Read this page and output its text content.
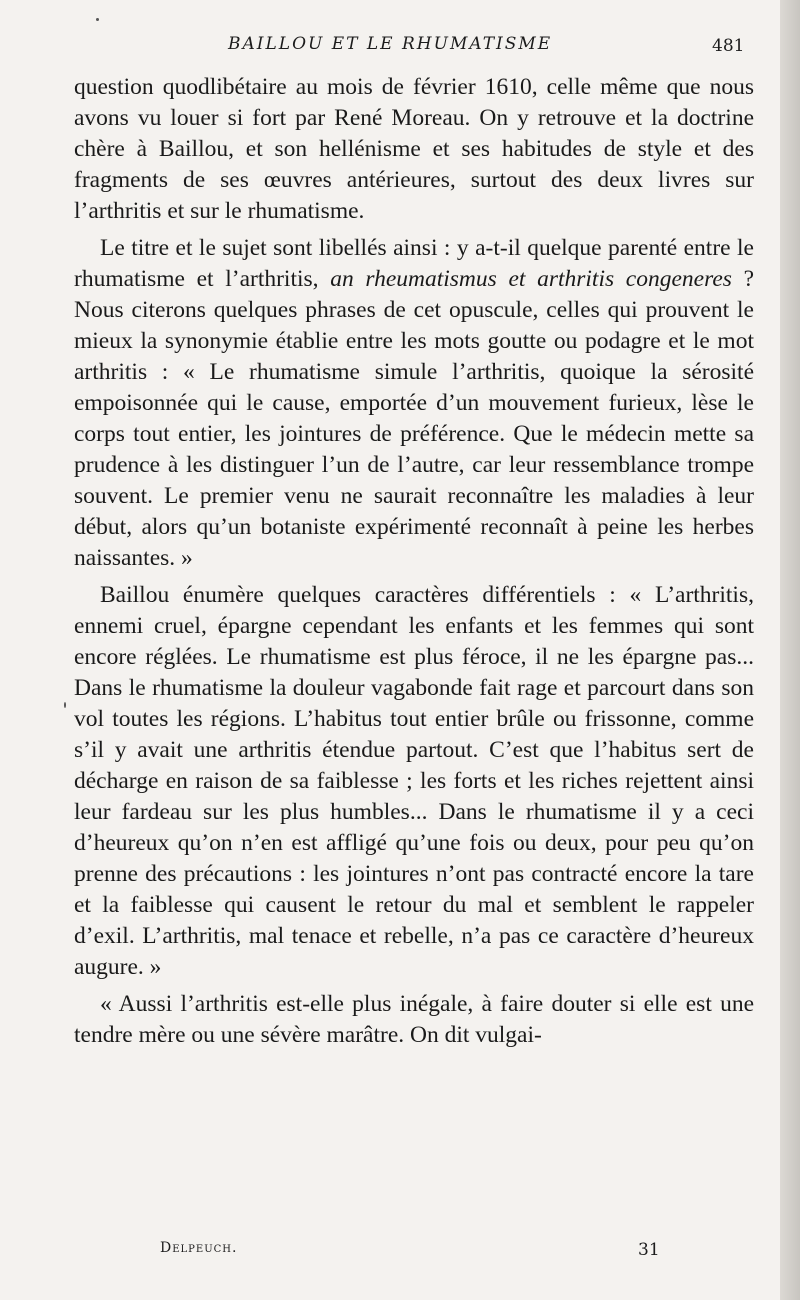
BAILLOU ET LE RHUMATISME	481

question quodlibétaire au mois de février 1610, celle même que nous avons vu louer si fort par René Moreau. On y retrouve et la doctrine chère à Baillou, et son hellénisme et ses habitudes de style et des fragments de ses œuvres antérieures, surtout des deux livres sur l’arthritis et sur le rhumatisme.

Le titre et le sujet sont libellés ainsi : y a-t-il quelque parenté entre le rhumatisme et l’arthritis, an rheumatismus et arthritis congeneres ? Nous citerons quelques phrases de cet opuscule, celles qui prouvent le mieux la synonymie établie entre les mots goutte ou podagre et le mot arthritis : « Le rhumatisme simule l’arthritis, quoique la sérosité empoisonnée qui le cause, emportée d’un mouvement furieux, lèse le corps tout entier, les jointures de préférence. Que le médecin mette sa prudence à les distinguer l’un de l’autre, car leur ressemblance trompe souvent. Le premier venu ne saurait reconnaître les maladies à leur début, alors qu’un botaniste expérimenté reconnaît à peine les herbes naissantes. »

Baillou énumère quelques caractères différentiels : « L’arthritis, ennemi cruel, épargne cependant les enfants et les femmes qui sont encore réglées. Le rhumatisme est plus féroce, il ne les épargne pas... Dans le rhumatisme la douleur vagabonde fait rage et parcourt dans son vol toutes les régions. L’habitus tout entier brûle ou frissonne, comme s’il y avait une arthritis étendue partout. C’est que l’habitus sert de décharge en raison de sa faiblesse ; les forts et les riches rejettent ainsi leur fardeau sur les plus humbles... Dans le rhumatisme il y a ceci d’heureux qu’on n’en est affligé qu’une fois ou deux, pour peu qu’on prenne des précautions : les jointures n’ont pas contracté encore la tare et la faiblesse qui causent le retour du mal et semblent le rappeler d’exil. L’arthritis, mal tenace et rebelle, n’a pas ce caractère d’heureux augure. »

« Aussi l’arthritis est-elle plus inégale, à faire douter si elle est une tendre mère ou une sévère marâtre. On dit vulgai-

Delpeuch.	31
